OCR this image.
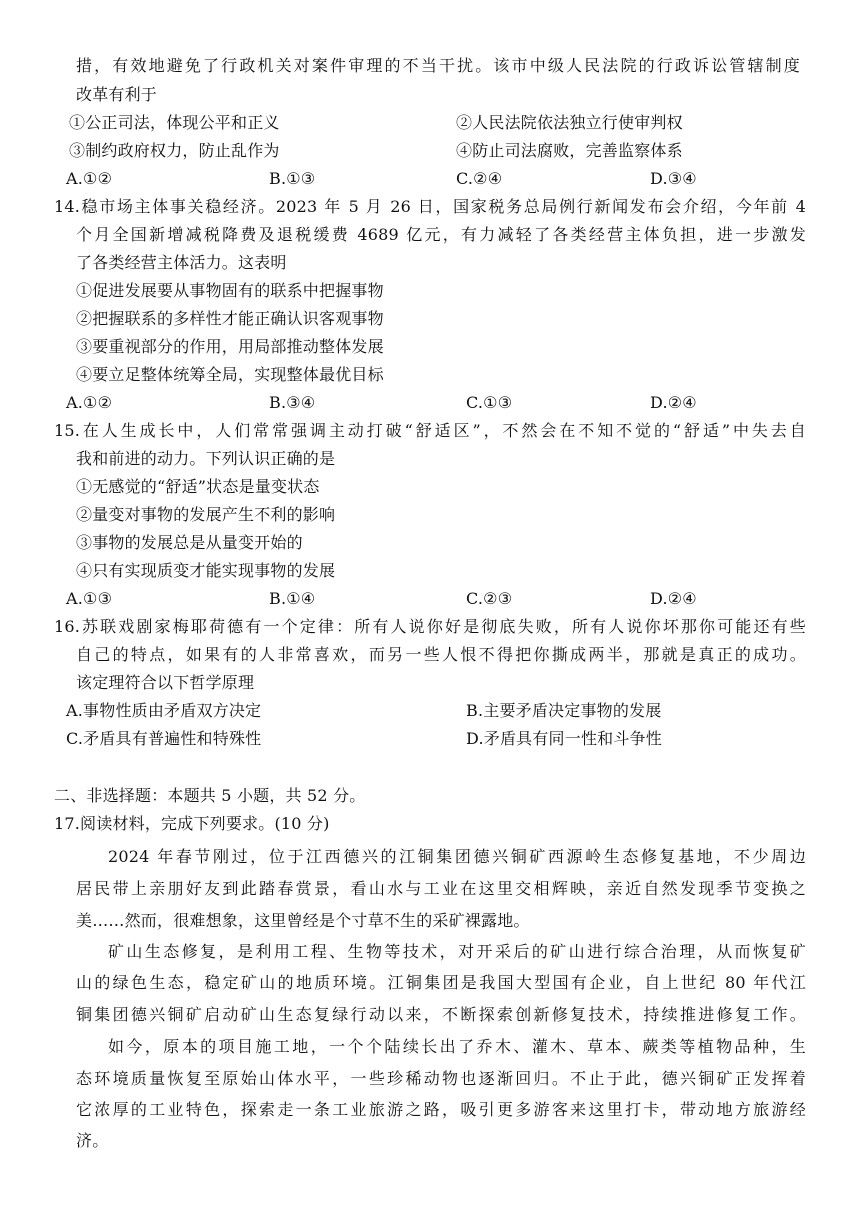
措，有效地避免了行政机关对案件审理的不当干扰。该市中级人民法院的行政诉讼管辖制度
改革有利于
①公正司法，体现公平和正义	②人民法院依法独立行使审判权
③制约政府权力，防止乱作为	④防止司法腐败，完善监察体系
A.①②	B.①③	C.②④	D.③④
14.稳市场主体事关稳经济。2023 年 5 月 26 日，国家税务总局例行新闻发布会介绍，今年前 4
个月全国新增减税降费及退税缓费 4689 亿元，有力减轻了各类经营主体负担，进一步激发
了各类经营主体活力。这表明
①促进发展要从事物固有的联系中把握事物
②把握联系的多样性才能正确认识客观事物
③要重视部分的作用，用局部推动整体发展
④要立足整体统筹全局，实现整体最优目标
A.①②	B.③④	C.①③	D.②④
15.在人生成长中，人们常常强调主动打破“舒适区”，不然会在不知不觉的“舒适”中失去自
我和前进的动力。下列认识正确的是
①无感觉的“舒适”状态是量变状态
②量变对事物的发展产生不利的影响
③事物的发展总是从量变开始的
④只有实现质变才能实现事物的发展
A.①③	B.①④	C.②③	D.②④
16.苏联戏剧家梅耶荷德有一个定律：所有人说你好是彻底失败，所有人说你坏那你可能还有些
自己的特点，如果有的人非常喜欢，而另一些人恨不得把你撕成两半，那就是真正的成功。
该定理符合以下哲学原理
A.事物性质由矛盾双方决定	B.主要矛盾决定事物的发展
C.矛盾具有普遍性和特殊性	D.矛盾具有同一性和斗争性
二、非选择题：本题共 5 小题，共 52 分。
17.阅读材料，完成下列要求。(10 分)
2024 年春节刚过，位于江西德兴的江铜集团德兴铜矿西源岭生态修复基地，不少周边
居民带上亲朋好友到此踏春赏景，看山水与工业在这里交相辉映，亲近自然发现季节变换之
美……然而，很难想象，这里曾经是个寸草不生的采矿裸露地。
矿山生态修复，是利用工程、生物等技术，对开采后的矿山进行综合治理，从而恢复矿
山的绿色生态，稳定矿山的地质环境。江铜集团是我国大型国有企业，自上世纪 80 年代江
铜集团德兴铜矿启动矿山生态复绿行动以来，不断探索创新修复技术，持续推进修复工作。
如今，原本的项目施工地，一个个陆续长出了乔木、灌木、草本、蕨类等植物品种，生
态环境质量恢复至原始山体水平，一些珍稀动物也逐渐回归。不止于此，德兴铜矿正发挥着
它浓厚的工业特色，探索走一条工业旅游之路，吸引更多游客来这里打卡，带动地方旅游经
济。
